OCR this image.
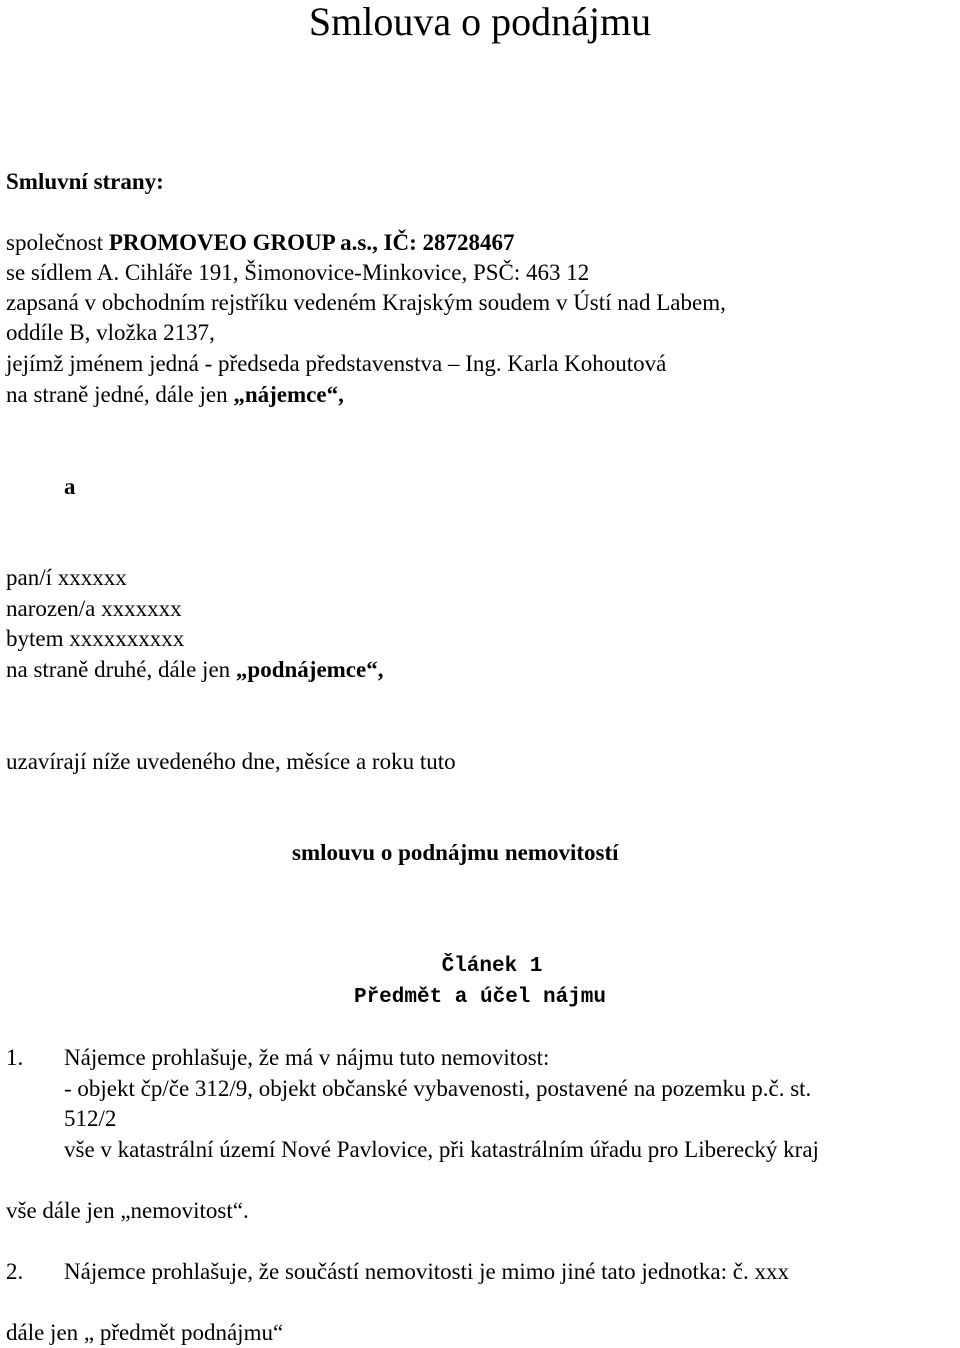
Smlouva o podnájmu
Smluvní strany:
společnost PROMOVEO GROUP a.s., IČ: 28728467
se sídlem A. Cihláře 191, Šimonovice-Minkovice, PSČ: 463 12
zapsaná v obchodním rejstříku vedeném Krajským soudem v Ústí nad Labem,
oddíle B, vložka 2137,
jejímž jménem jedná - předseda představenstva – Ing. Karla Kohoutová
na straně jedné, dále jen „nájemce“,
a
pan/í xxxxxx
narozen/a xxxxxxx
bytem xxxxxxxxxx
na straně druhé, dále jen „podnájemce“,
uzavírají níže uvedeného dne, měsíce a roku tuto
smlouvu o podnájmu nemovitostí
Článek 1
Předmět a účel nájmu
1. Nájemce prohlašuje, že má v nájmu tuto nemovitost:
- objekt čp/če 312/9, objekt občanské vybavenosti, postavené na pozemku p.č. st.
512/2
vše v katastrální území Nové Pavlovice, při katastrálním úřadu pro Liberecký kraj
vše dále jen „nemovitost“.
2. Nájemce prohlašuje, že součástí nemovitosti je mimo jiné tato jednotka: č. xxx
dále jen „ předmět podnájmu“
